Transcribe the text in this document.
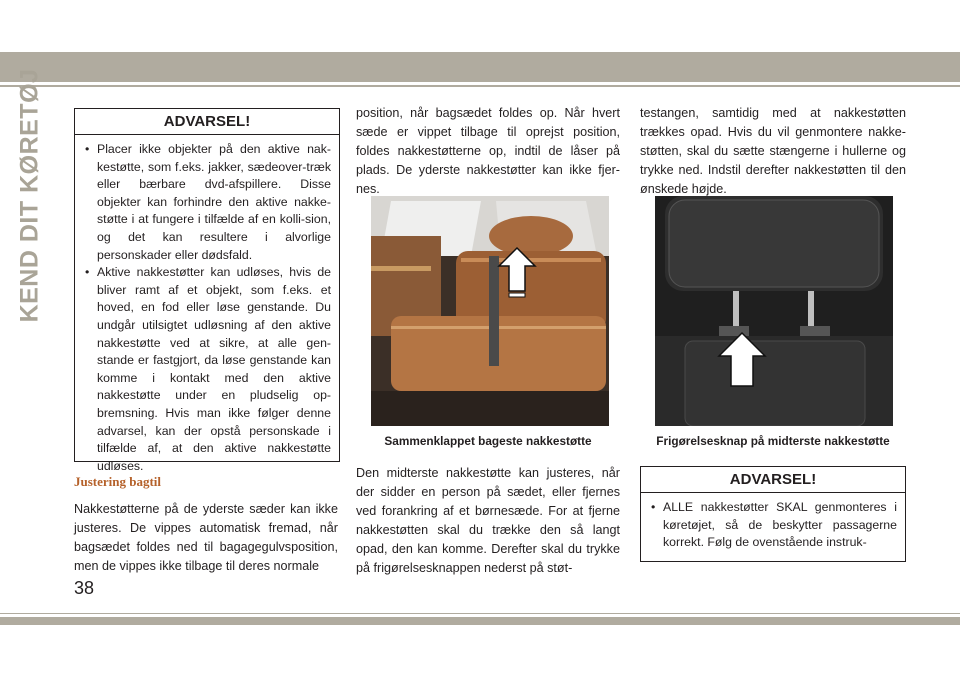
KEND DIT KØRETØJ	ADVARSEL!
• Placer ikke objekter på den aktive nak-kestøtte, som f.eks. jakker, sædeover-træk eller bærbare dvd-afspillere. Disse objekter kan forhindre den aktive nakke-støtte i at fungere i tilfælde af en kolli-sion, og det kan resultere i alvorlige personskader eller dødsfald.
• Aktive nakkestøtter kan udløses, hvis de bliver ramt af et objekt, som f.eks. et hoved, en fod eller løse genstande. Du undgår utilsigtet udløsning af den aktive nakkestøtte ved at sikre, at alle gen-stande er fastgjort, da løse genstande kan komme i kontakt med den aktive nakkestøtte under en pludselig op-bremsning. Hvis man ikke følger denne advarsel, kan der opstå personskade i tilfælde af, at den aktive nakkestøtte udløses.
Justering bagtil
Nakkestøtterne på de yderste sæder kan ikke justeres. De vippes automatisk fremad, når bagsædet foldes ned til bagagegulvsposition, men de vippes ikke tilbage til deres normale
position, når bagsædet foldes op. Når hvert sæde er vippet tilbage til oprejst position, foldes nakkestøtterne op, indtil de låser på plads. De yderste nakkestøtter kan ikke fjer-nes.
Sammenklappet bageste nakkestøtte
Den midterste nakkestøtte kan justeres, når der sidder en person på sædet, eller fjernes ved forankring af et børnesæde. For at fjerne nakkestøtten skal du trække den så langt opad, den kan komme. Derefter skal du trykke på frigørelsesknappen nederst på støt-
testangen, samtidig med at nakkestøtten trækkes opad. Hvis du vil genmontere nakke-støtten, skal du sætte stængerne i hullerne og trykke ned. Indstil derefter nakkestøtten til den ønskede højde.
Frigørelsesknap på midterste nakkestøtte
ADVARSEL!
• ALLE nakkestøtter SKAL genmonteres i køretøjet, så de beskytter passagerne korrekt. Følg de ovenstående instruk-
38
